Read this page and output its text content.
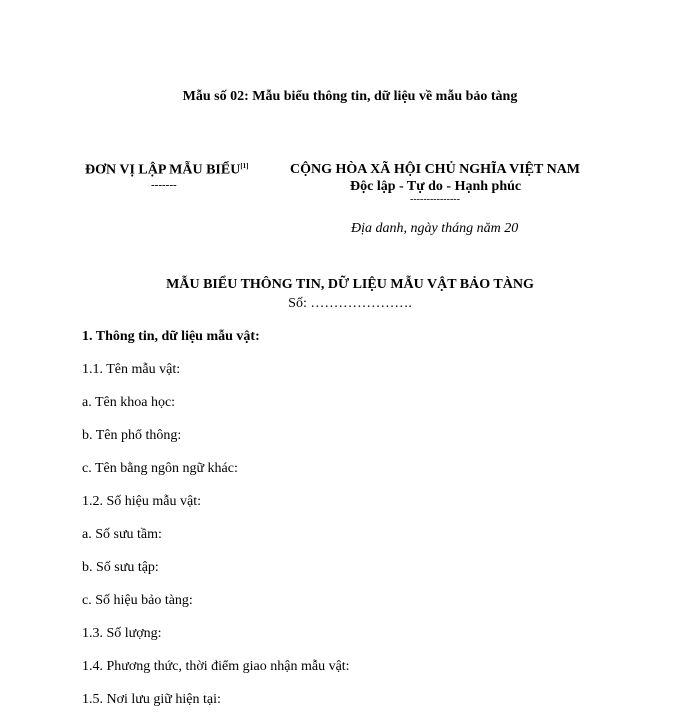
Mẫu số 02: Mẫu biểu thông tin, dữ liệu về mẫu bảo tàng
ĐƠN VỊ LẬP MẪU BIỂU[1]
-------
CỘNG HÒA XÃ HỘI CHỦ NGHĨA VIỆT NAM
Độc lập - Tự do - Hạnh phúc
---------------
Địa danh, ngày tháng năm 20
MẪU BIỂU THÔNG TIN, DỮ LIỆU MẪU VẬT BẢO TÀNG
Số: ………………….
1. Thông tin, dữ liệu mẫu vật:
1.1. Tên mẫu vật:
a. Tên khoa học:
b. Tên phổ thông:
c. Tên bằng ngôn ngữ khác:
1.2. Số hiệu mẫu vật:
a. Số sưu tầm:
b. Số sưu tập:
c. Số hiệu bảo tàng:
1.3. Số lượng:
1.4. Phương thức, thời điểm giao nhận mẫu vật:
1.5. Nơi lưu giữ hiện tại:
